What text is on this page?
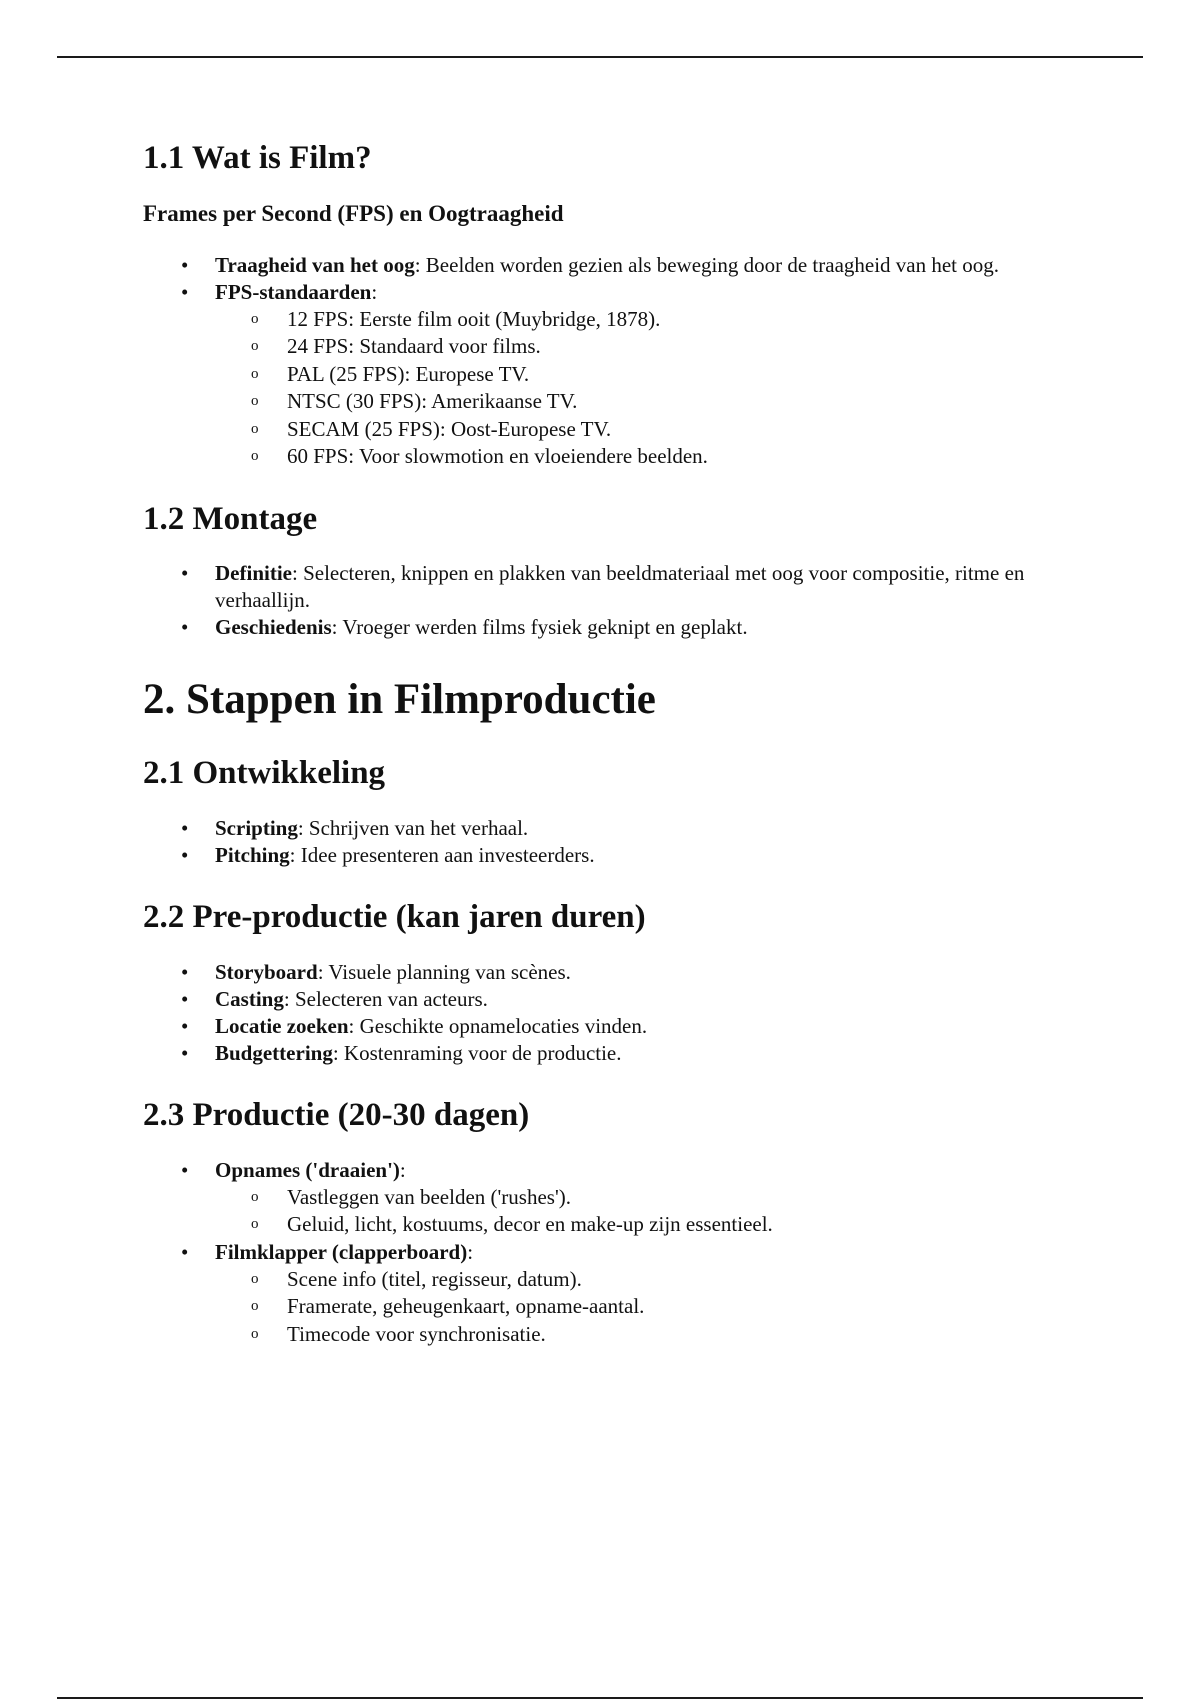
1.1 Wat is Film?
Frames per Second (FPS) en Oogtraagheid
• Traagheid van het oog: Beelden worden gezien als beweging door de traagheid van het oog.
• FPS-standaarden:
o 12 FPS: Eerste film ooit (Muybridge, 1878).
o 24 FPS: Standaard voor films.
o PAL (25 FPS): Europese TV.
o NTSC (30 FPS): Amerikaanse TV.
o SECAM (25 FPS): Oost-Europese TV.
o 60 FPS: Voor slowmotion en vloeiendere beelden.
1.2 Montage
• Definitie: Selecteren, knippen en plakken van beeldmateriaal met oog voor compositie, ritme en verhaallijn.
• Geschiedenis: Vroeger werden films fysiek geknipt en geplakt.
2. Stappen in Filmproductie
2.1 Ontwikkeling
• Scripting: Schrijven van het verhaal.
• Pitching: Idee presenteren aan investeerders.
2.2 Pre-productie (kan jaren duren)
• Storyboard: Visuele planning van scènes.
• Casting: Selecteren van acteurs.
• Locatie zoeken: Geschikte opnamelocaties vinden.
• Budgettering: Kostenraming voor de productie.
2.3 Productie (20-30 dagen)
• Opnames ('draaien'):
o Vastleggen van beelden ('rushes').
o Geluid, licht, kostuums, decor en make-up zijn essentieel.
• Filmklapper (clapperboard):
o Scene info (titel, regisseur, datum).
o Framerate, geheugenkaart, opname-aantal.
o Timecode voor synchronisatie.
